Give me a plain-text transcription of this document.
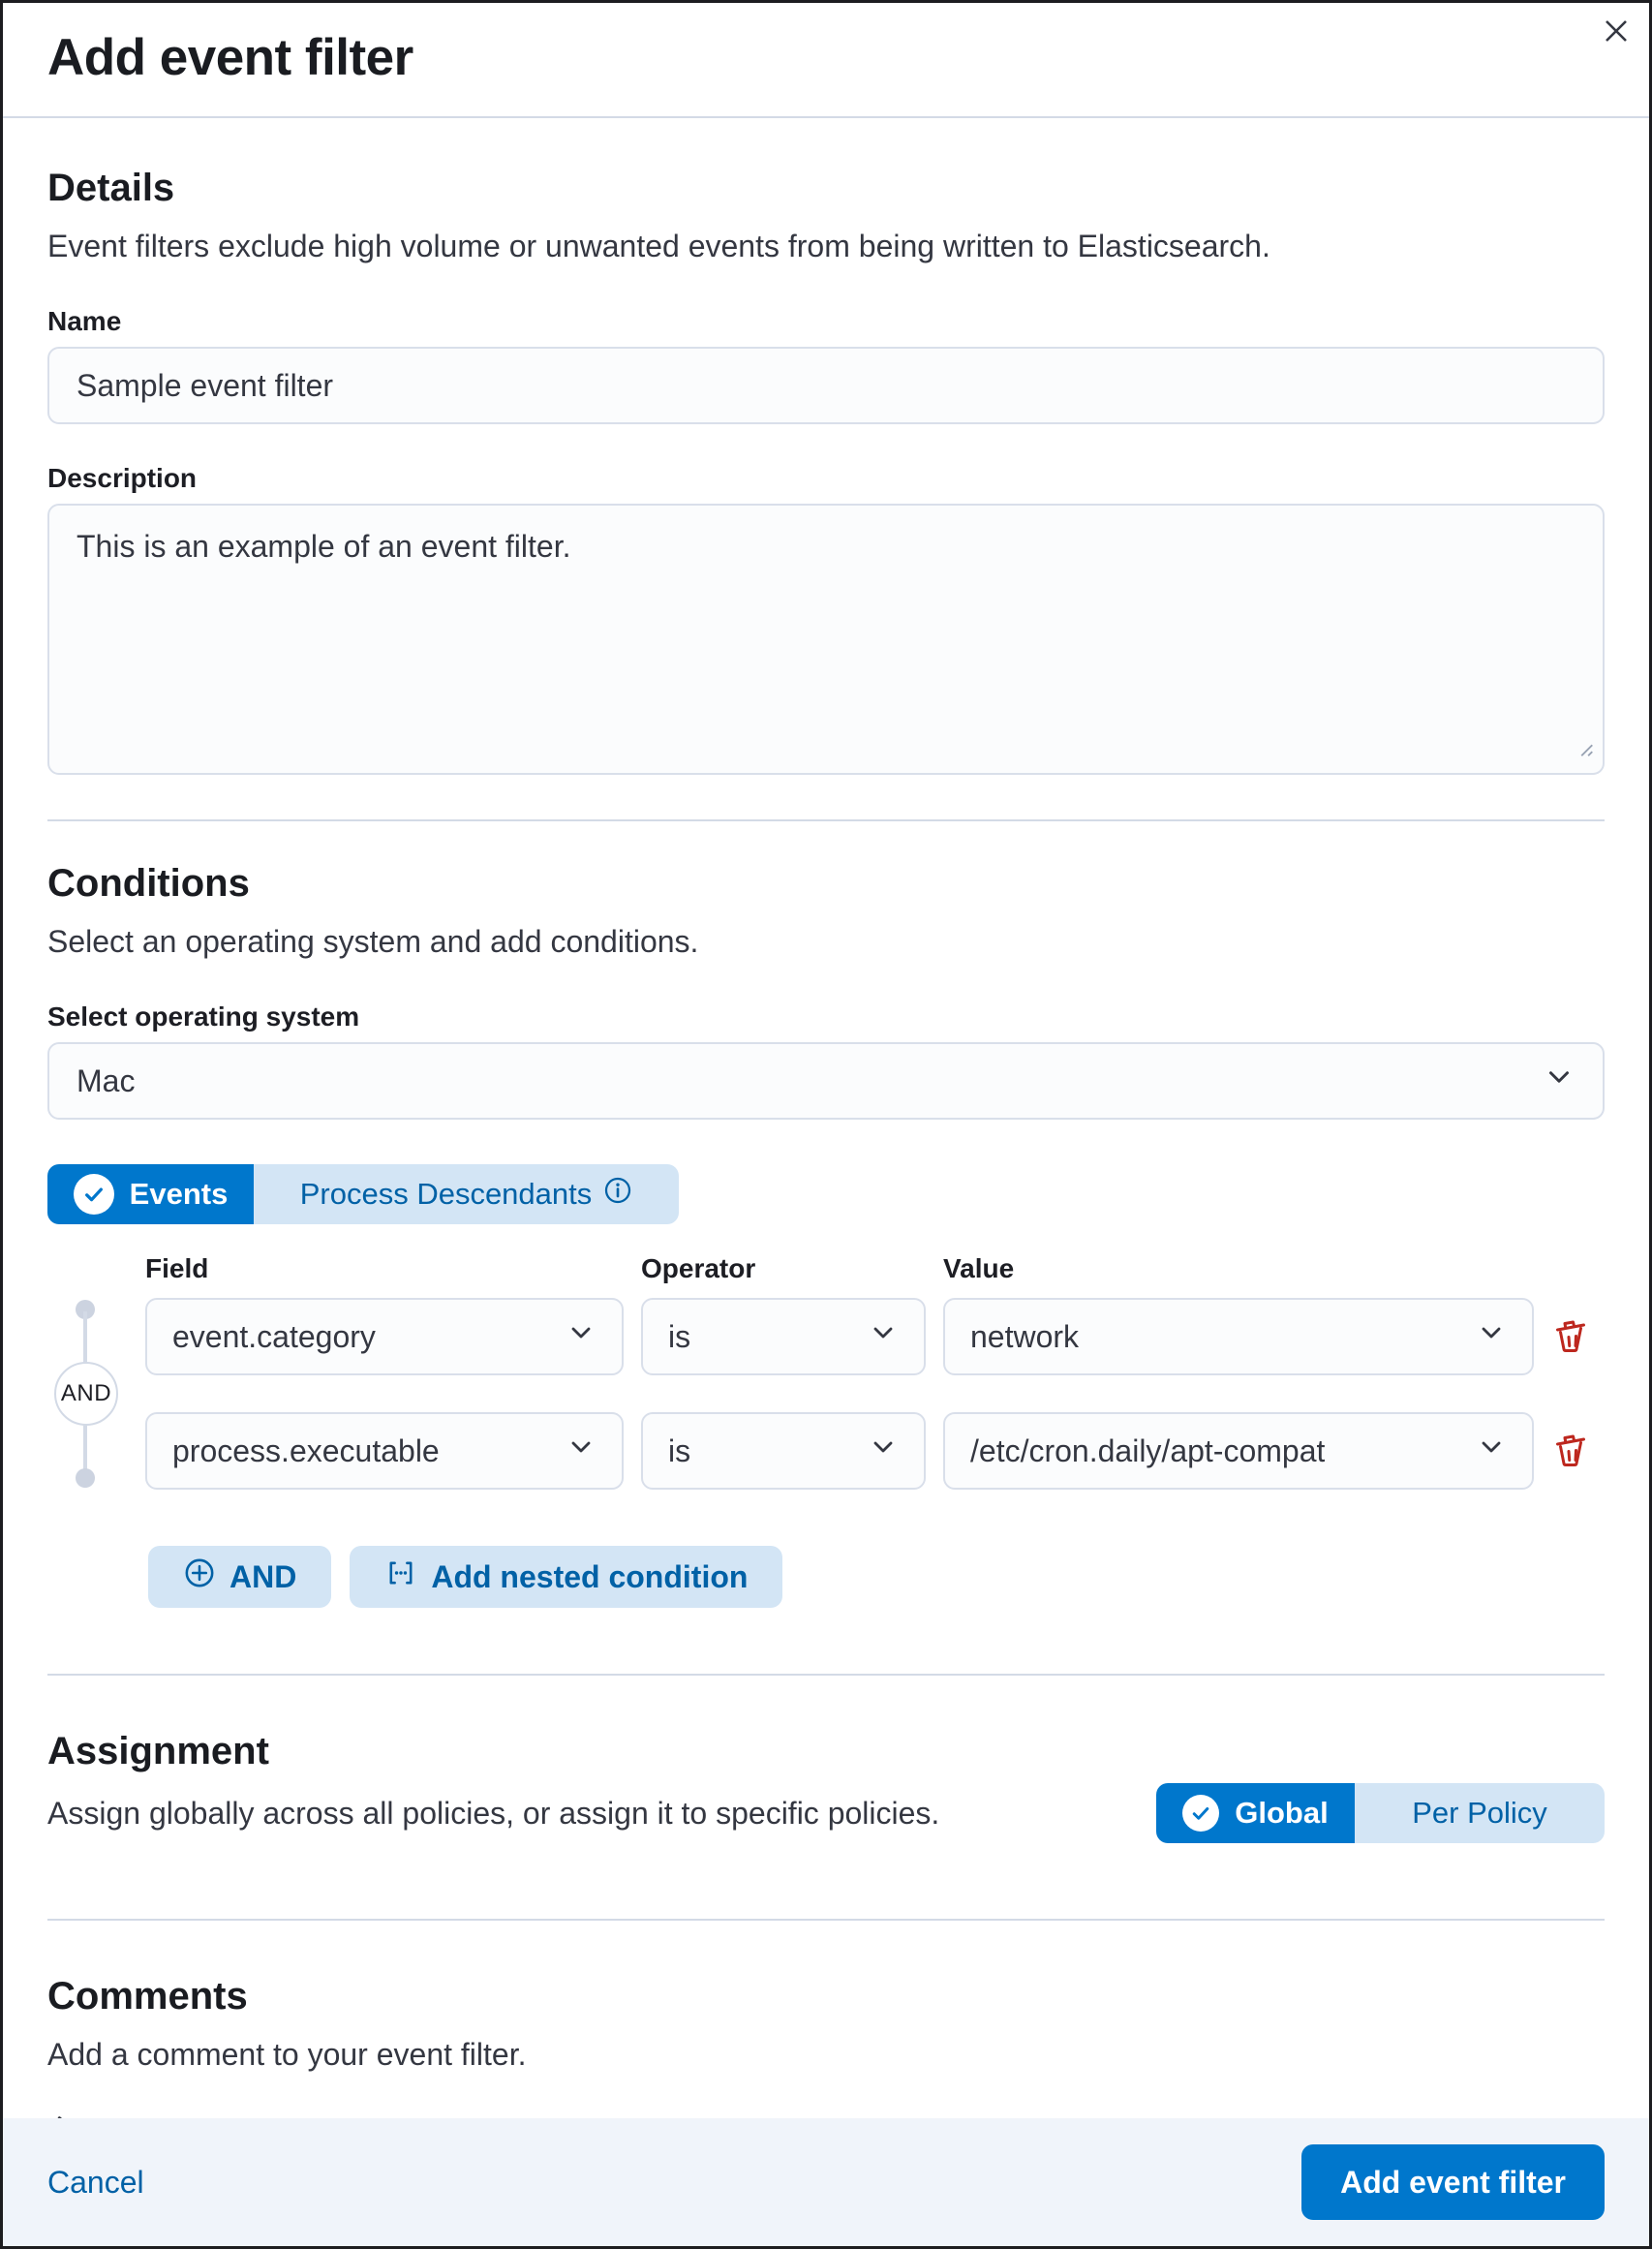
Add event filter
Details

Event filters exclude high volume or unwanted events from being written to Elasticsearch.

Name
Sample event filter
Description
This is an example of an event filter.
Conditions

Select an operating system and add conditions.

Select operating system
Mac
Events Process Descendants
Field	Operator	Value
AND
event.category	is	network
process.executable	is	/etc/cron.daily/apt-compat
AND	Add nested condition
Assignment

Assign globally across all policies, or assign it to specific policies.	Global	Per Policy
Comments

Add a comment to your event filter.

Cancel	Add event filter
